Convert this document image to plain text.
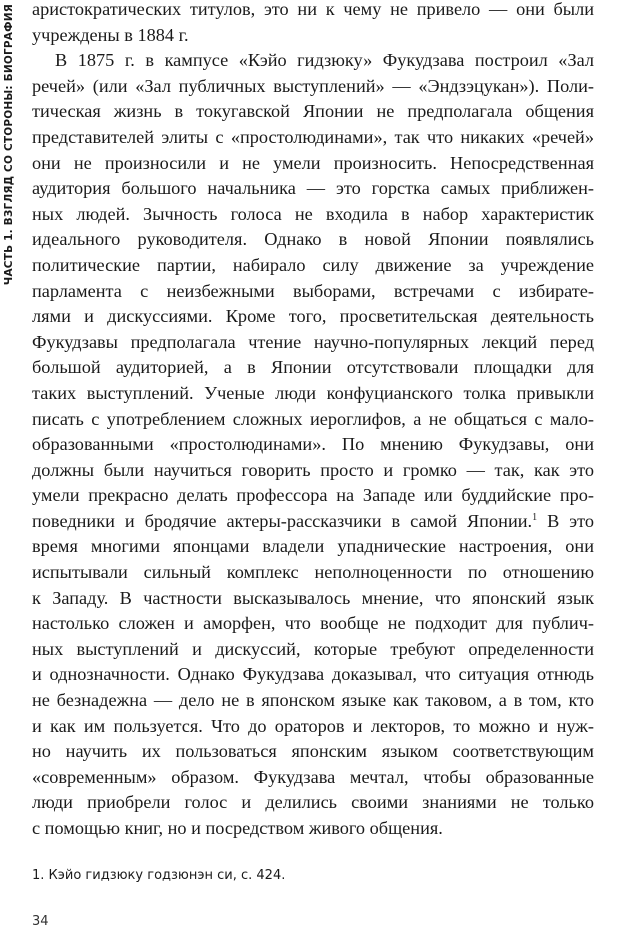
ЧАСТЬ 1. ВЗГЛЯД СО СТОРОНЫ: БИОГРАФИЯ аристократических титулов, это ни к чему не привело — они были
учреждены в 1884 г.
В 1875 г. в кампусе «Кэйо гидзюку» Фукудзава построил «Зал
речей» (или «Зал публичных выступлений» — «Эндзэцукан»). Поли-
тическая жизнь в токугавской Японии не предполагала общения
представителей элиты с «простолюдинами», так что никаких «речей»
они не произносили и не умели произносить. Непосредственная
аудитория большого начальника — это горстка самых приближен-
ных людей. Зычность голоса не входила в набор характеристик
идеального руководителя. Однако в новой Японии появлялись
политические партии, набирало силу движение за учреждение
парламента с неизбежными выборами, встречами с избирате-
лями и дискуссиями. Кроме того, просветительская деятельность
Фукудзавы предполагала чтение научно-популярных лекций перед
большой аудиторией, а в Японии отсутствовали площадки для
таких выступлений. Ученые люди конфуцианского толка привыкли
писать с употреблением сложных иероглифов, а не общаться с мало-
образованными «простолюдинами». По мнению Фукудзавы, они
должны были научиться говорить просто и громко — так, как это
умели прекрасно делать профессора на Западе или буддийские про-
поведники и бродячие актеры-рассказчики в самой Японии.$^1$ В это
время многими японцами владели упаднические настроения, они
испытывали сильный комплекс неполноценности по отношению
к Западу. В частности высказывалось мнение, что японский язык
настолько сложен и аморфен, что вообще не подходит для публич-
ных выступлений и дискуссий, которые требуют определенности
и однозначности. Однако Фукудзава доказывал, что ситуация отнюдь
не безнадежна — дело не в японском языке как таковом, а в том, кто
и как им пользуется. Что до ораторов и лекторов, то можно и нуж-
но научить их пользоваться японским языком соответствующим
«современным» образом. Фукудзава мечтал, чтобы образованные
люди приобрели голос и делились своими знаниями не только
с помощью книг, но и посредством живого общения.
1. Кэйо гидзюку годзюнэн си, с. 424.
34
